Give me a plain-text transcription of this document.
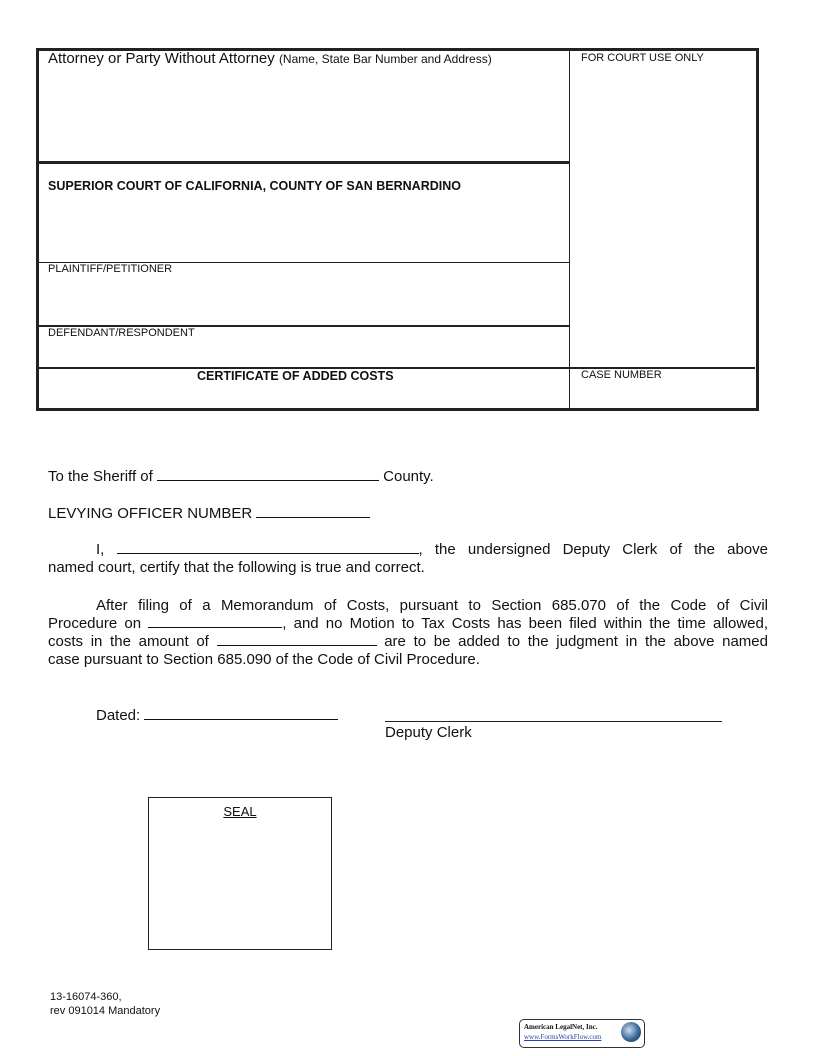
Attorney or Party Without Attorney (Name, State Bar Number and Address)	FOR COURT USE ONLY
SUPERIOR COURT OF CALIFORNIA, COUNTY OF SAN BERNARDINO
PLAINTIFF/PETITIONER
DEFENDANT/RESPONDENT
CERTIFICATE OF ADDED COSTS	CASE NUMBER
To the Sheriff of	County.
LEVYING OFFICER NUMBER
I,	, the undersigned Deputy Clerk of the above
named court, certify that the following is true and correct.
After filing of a Memorandum of Costs, pursuant to Section 685.070 of the Code of Civil
Procedure on	, and no Motion to Tax Costs has been filed within the time allowed,
costs in the amount of	are to be added to the judgment in the above named
case pursuant to Section 685.090 of the Code of Civil Procedure.
Dated:
Deputy Clerk
SEAL
13-16074-360,
rev 091014 Mandatory
American LegalNet, Inc.
www.FormsWorkFlow.com
